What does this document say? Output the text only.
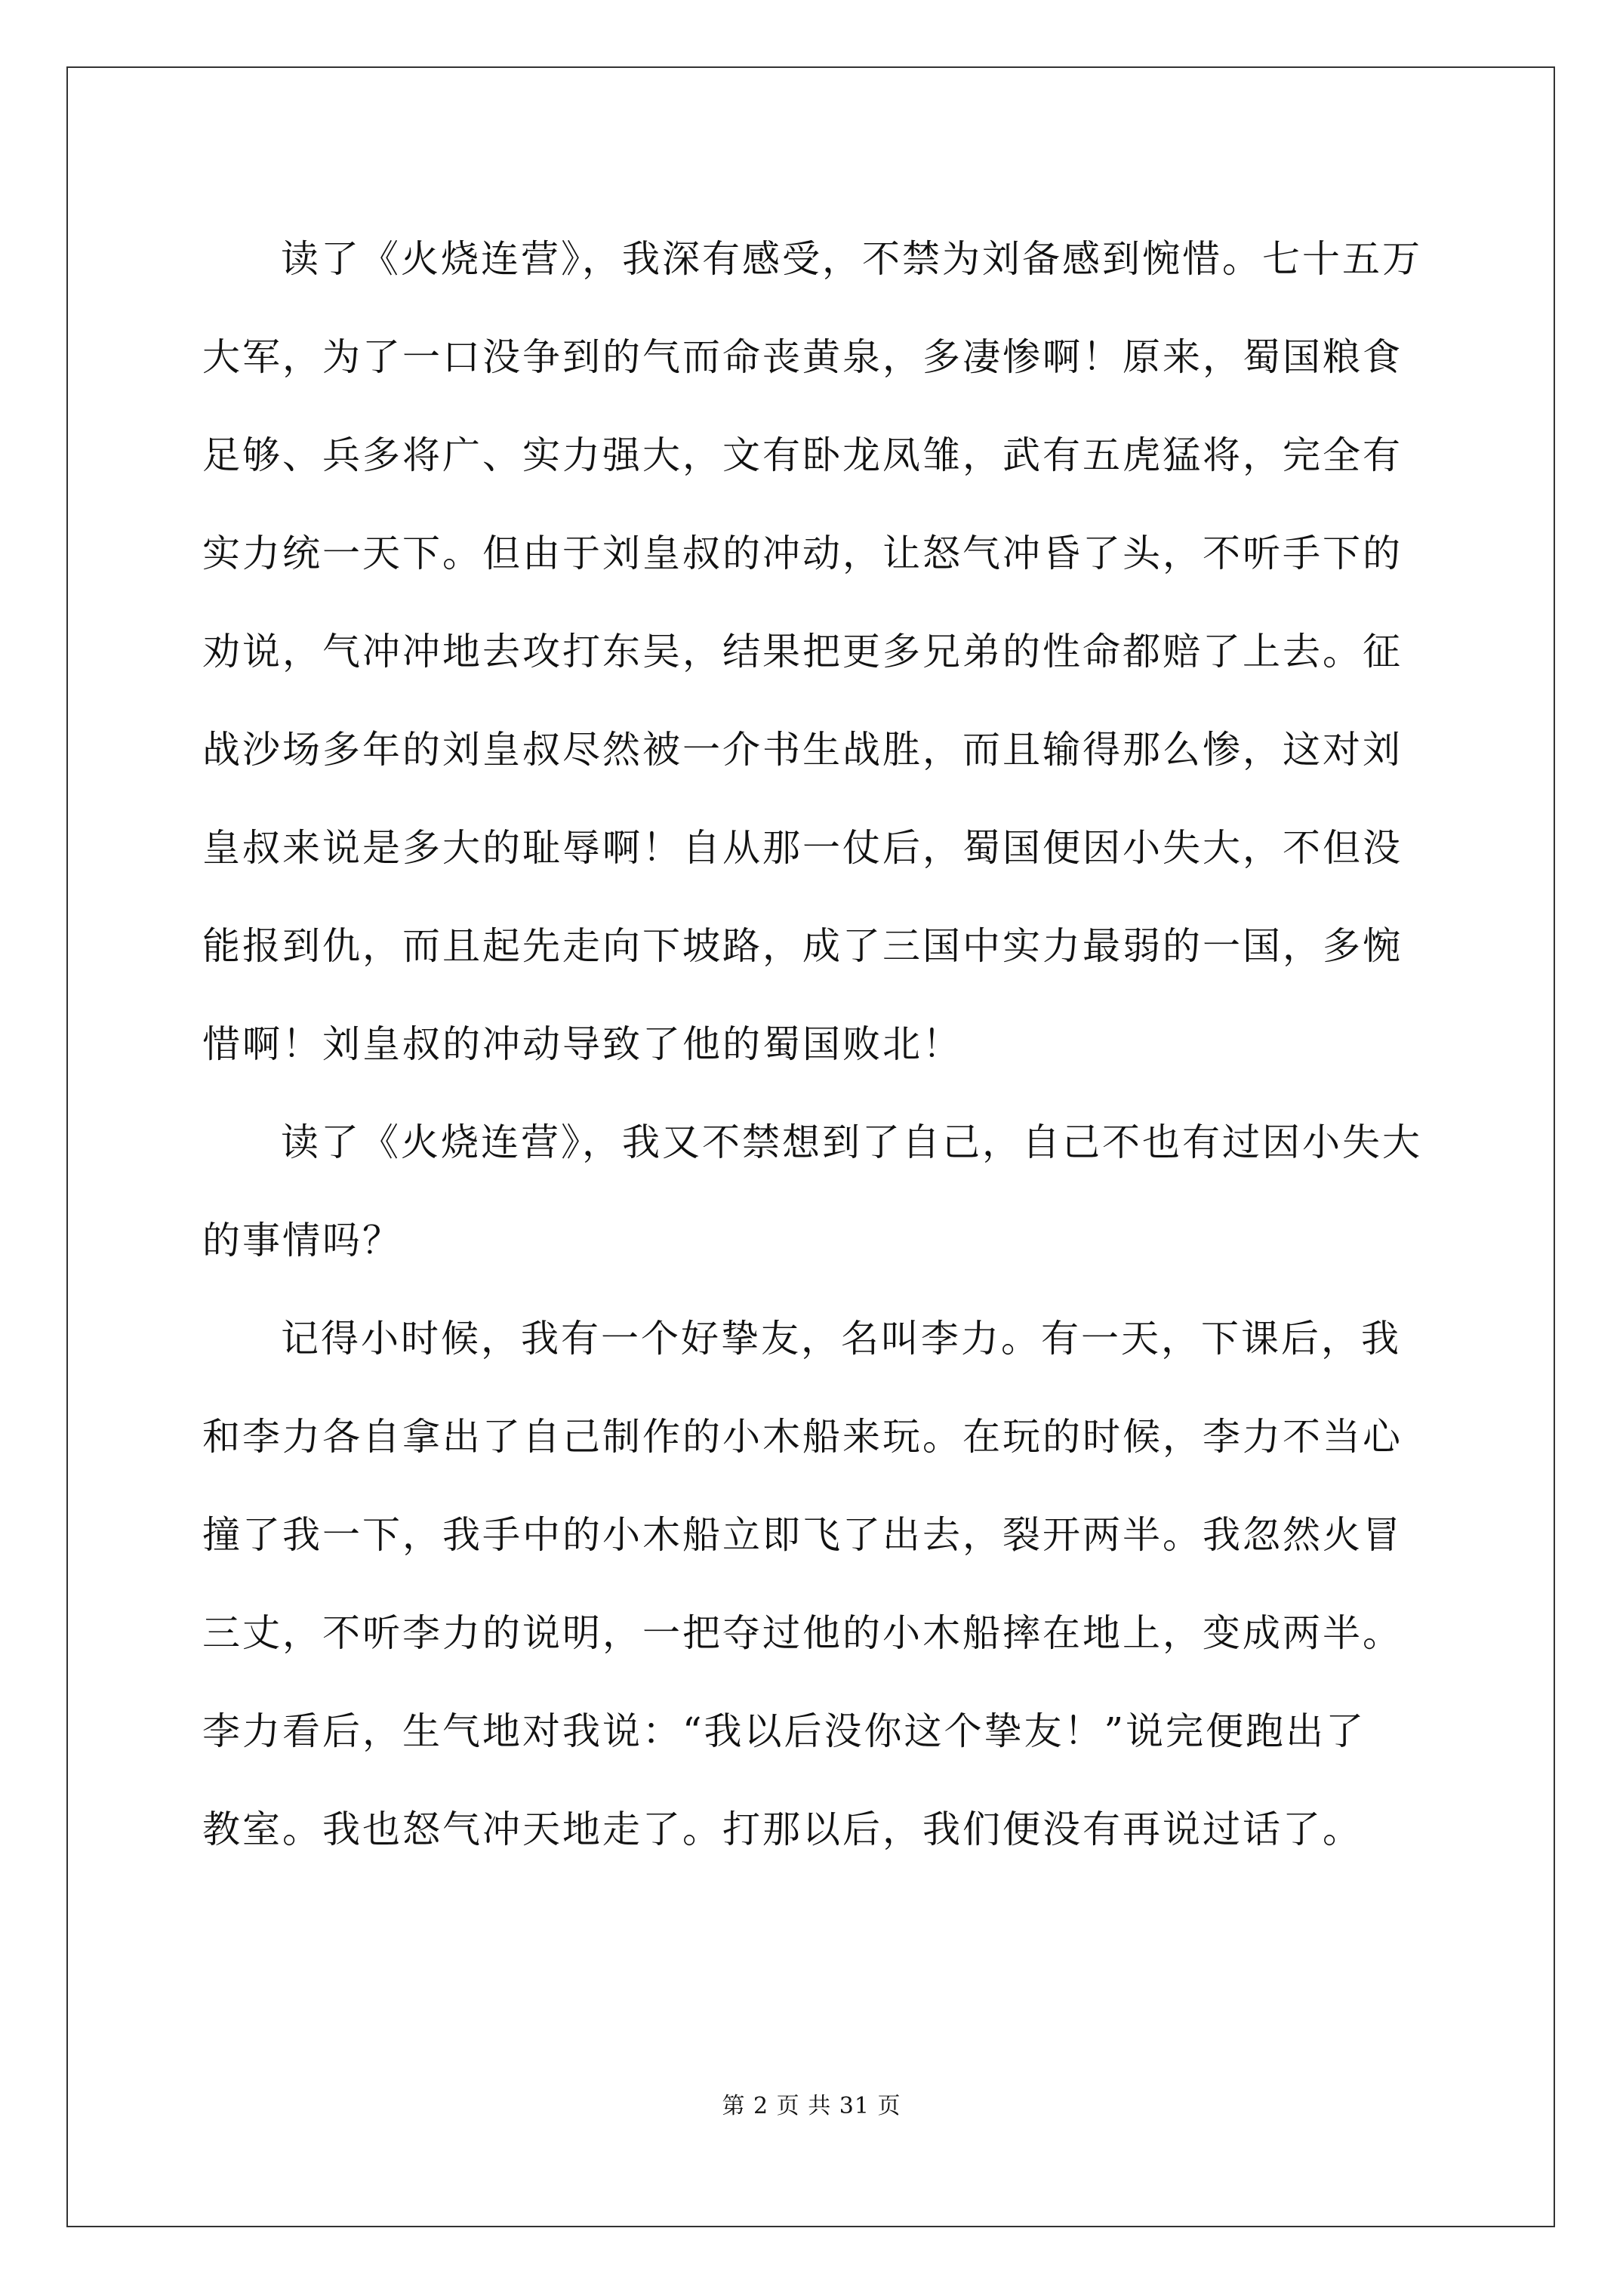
读了《火烧连营》，我深有感受，不禁为刘备感到惋惜。七十五万
大军，为了一口没争到的气而命丧黄泉，多凄惨啊！原来，蜀国粮食
足够、兵多将广、实力强大，文有卧龙凤雏，武有五虎猛将，完全有
实力统一天下。但由于刘皇叔的冲动，让怒气冲昏了头，不听手下的
劝说，气冲冲地去攻打东吴，结果把更多兄弟的性命都赔了上去。征
战沙场多年的刘皇叔尽然被一介书生战胜，而且输得那么惨，这对刘
皇叔来说是多大的耻辱啊！自从那一仗后，蜀国便因小失大，不但没
能报到仇，而且起先走向下坡路，成了三国中实力最弱的一国，多惋
惜啊！刘皇叔的冲动导致了他的蜀国败北！
读了《火烧连营》，我又不禁想到了自己，自己不也有过因小失大
的事情吗？
记得小时候，我有一个好挚友，名叫李力。有一天，下课后，我
和李力各自拿出了自己制作的小木船来玩。在玩的时候，李力不当心
撞了我一下，我手中的小木船立即飞了出去，裂开两半。我忽然火冒
三丈，不听李力的说明，一把夺过他的小木船摔在地上，变成两半。
李力看后，生气地对我说：“我以后没你这个挚友！”说完便跑出了
教室。我也怒气冲天地走了。打那以后，我们便没有再说过话了。
第 2 页 共 31 页
